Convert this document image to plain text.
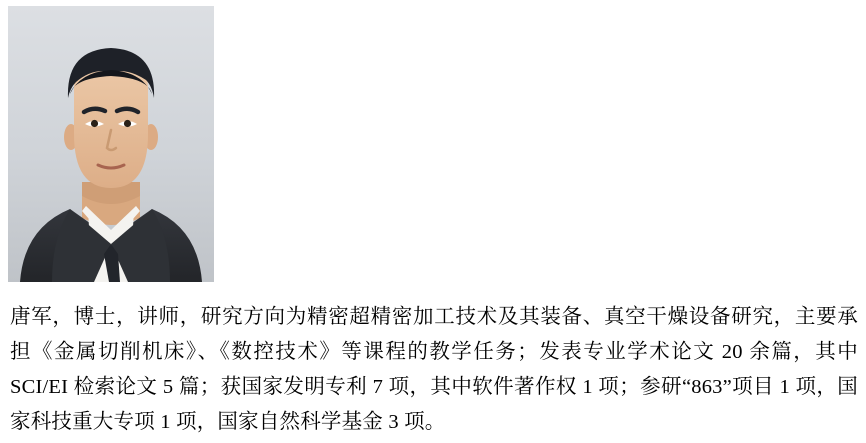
唐军，博士，讲师，研究方向为精密超精密加工技术及其装备、真空干燥设备研究，主要承担《金属切削机床》、《数控技术》等课程的教学任务；发表专业学术论文 20 余篇，其中 SCI/EI 检索论文 5 篇；获国家发明专利 7 项，其中软件著作权 1 项；参研“863”项目 1 项，国家科技重大专项 1 项，国家自然科学基金 3 项。
